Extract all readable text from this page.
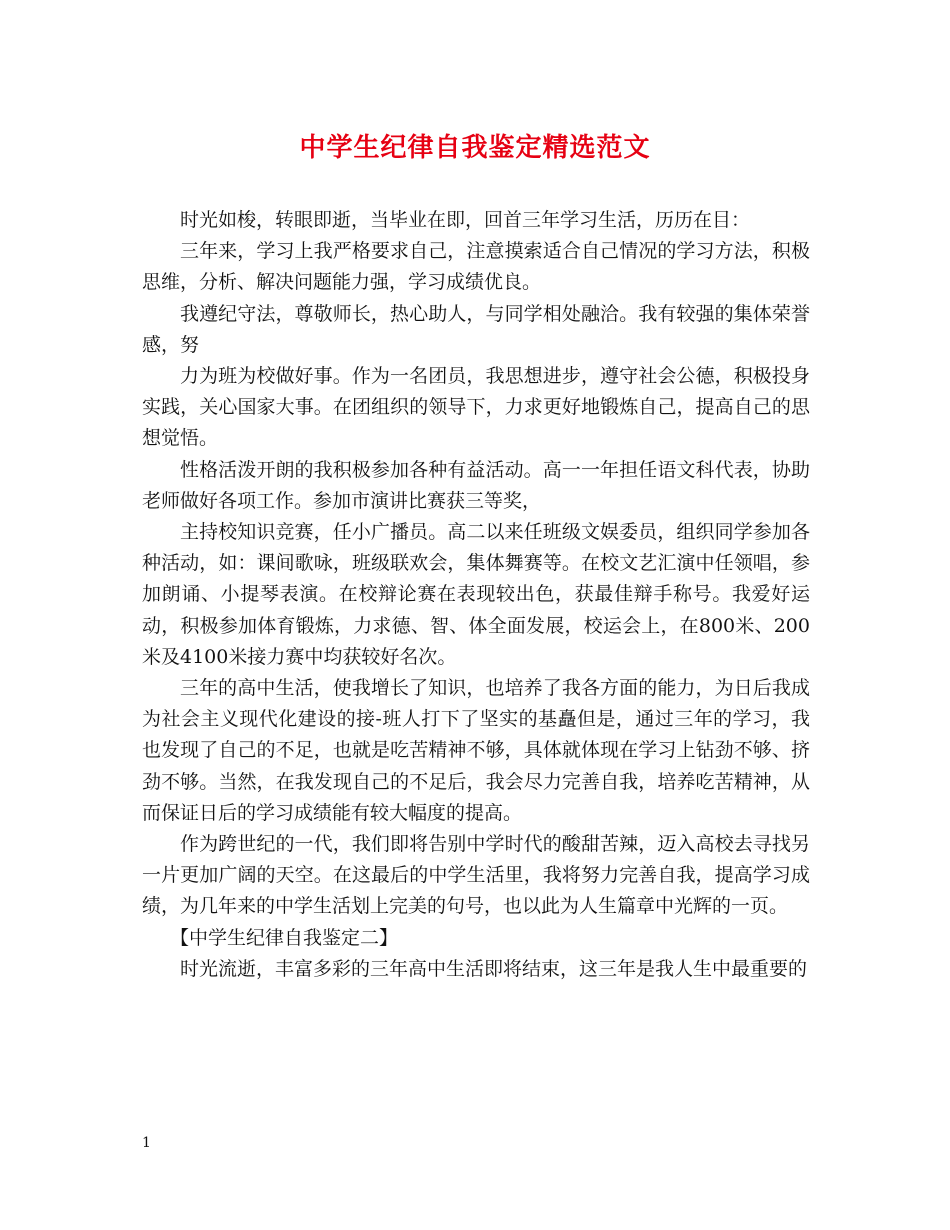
中学生纪律自我鉴定精选范文

时光如梭，转眼即逝，当毕业在即，回首三年学习生活，历历在目：

三年来，学习上我严格要求自己，注意摸索适合自己情况的学习方法，积极思维，分析、解决问题能力强，学习成绩优良。

我遵纪守法，尊敬师长，热心助人，与同学相处融洽。我有较强的集体荣誉感，努

力为班为校做好事。作为一名团员，我思想进步，遵守社会公德，积极投身实践，关心国家大事。在团组织的领导下，力求更好地锻炼自己，提高自己的思想觉悟。

性格活泼开朗的我积极参加各种有益活动。高一一年担任语文科代表，协助老师做好各项工作。参加市演讲比赛获三等奖，

主持校知识竞赛，任小广播员。高二以来任班级文娱委员，组织同学参加各种活动，如：课间歌咏，班级联欢会，集体舞赛等。在校文艺汇演中任领唱，参加朗诵、小提琴表演。在校辩论赛在表现较出色，获最佳辩手称号。我爱好运动，积极参加体育锻炼，力求德、智、体全面发展，校运会上，在800米、200米及4100米接力赛中均获较好名次。

三年的高中生活，使我增长了知识，也培养了我各方面的能力，为日后我成为社会主义现代化建设的接-班人打下了坚实的基矗但是，通过三年的学习，我也发现了自己的不足，也就是吃苦精神不够，具体就体现在学习上钻劲不够、挤劲不够。当然，在我发现自己的不足后，我会尽力完善自我，培养吃苦精神，从而保证日后的学习成绩能有较大幅度的提高。

作为跨世纪的一代，我们即将告别中学时代的酸甜苦辣，迈入高校去寻找另一片更加广阔的天空。在这最后的中学生活里，我将努力完善自我，提高学习成绩，为几年来的中学生活划上完美的句号，也以此为人生篇章中光辉的一页。

【中学生纪律自我鉴定二】

时光流逝，丰富多彩的三年高中生活即将结束，这三年是我人生中最重要的

1
